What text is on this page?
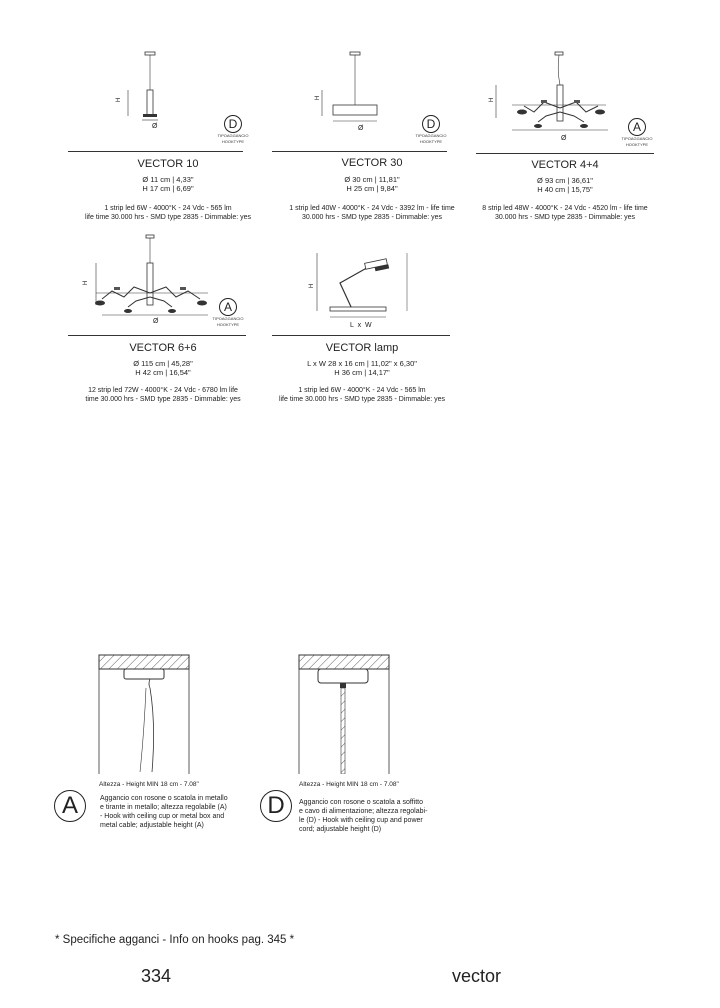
H
Ø	D
TIPOAGGANCIO
HOOKTYPE
VECTOR 10
Ø 11 cm | 4,33"
H 17 cm | 6,69"
1 strip led 6W - 4000°K - 24 Vdc - 565 lm
life time 30.000 hrs - SMD type 2835 - Dimmable: yes
H
Ø	D
TIPOAGGANCIO
HOOKTYPE
VECTOR 30
Ø 30 cm | 11,81"
H 25 cm | 9,84"
1 strip led 40W - 4000°K - 24 Vdc - 3392 lm - life time
30.000 hrs - SMD type 2835 - Dimmable: yes
H
Ø
A
TIPOAGGANCIO
HOOKTYPE
VECTOR 4+4
Ø 93 cm | 36,61"
H 40 cm | 15,75"
8 strip led 48W - 4000°K - 24 Vdc - 4520 lm - life time
30.000 hrs - SMD type 2835 - Dimmable: yes
H
Ø
A
TIPOAGGANCIO
HOOKTYPE
VECTOR 6+6
Ø 115 cm | 45,28"
H 42 cm | 16,54"
12 strip led 72W - 4000°K - 24 Vdc - 6780 lm life
time 30.000 hrs - SMD type 2835 - Dimmable: yes
H
L x W
VECTOR lamp
L x W 28 x 16 cm | 11,02" x 6,30"
H 36 cm | 14,17"
1 strip led 6W - 4000°K - 24 Vdc - 565 lm
life time 30.000 hrs - SMD type 2835 - Dimmable: yes
Altezza - Height MIN 18 cm - 7.08"
A	Aggancio con rosone o scatola in metallo
e tirante in metallo; altezza regolabile (A)
- Hook with ceiling cup or metal box and
metal cable; adjustable height (A)
Altezza - Height MIN 18 cm - 7.08"
D	Aggancio con rosone o scatola a soffitto
e cavo di alimentazione; altezza regolabi-
le (D) - Hook with ceiling cup and power
cord; adjustable height (D)
* Specifiche agganci - Info on hooks pag. 345 *
334	vector
